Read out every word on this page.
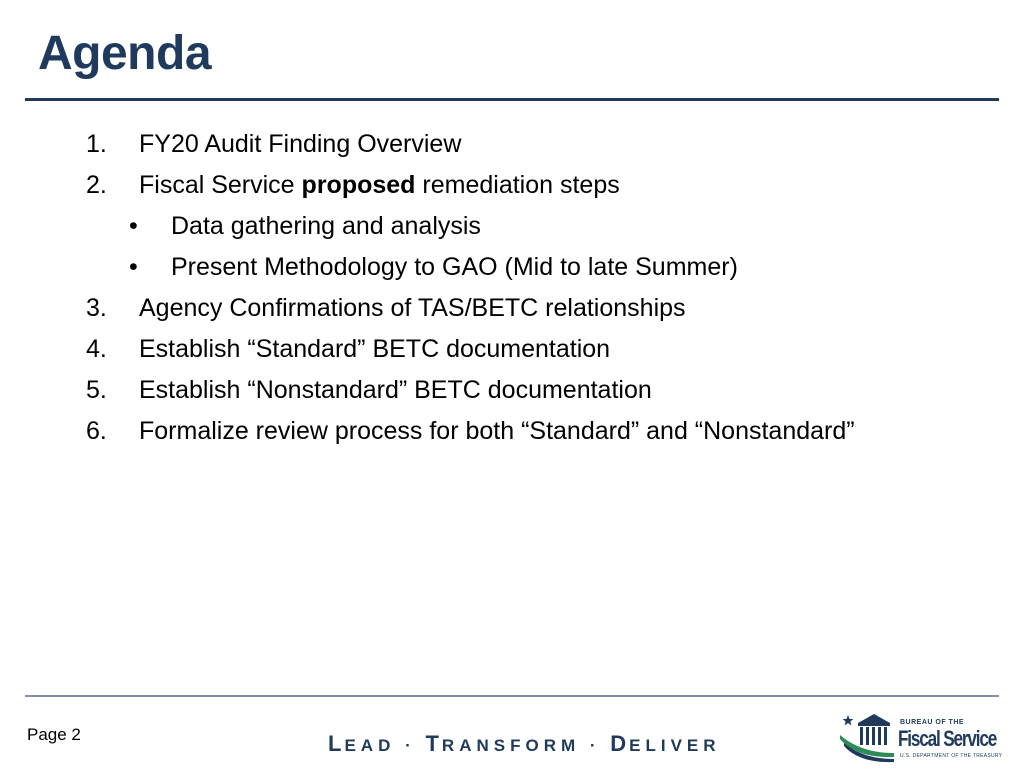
Agenda
1.	FY20 Audit Finding Overview
2.	Fiscal Service proposed remediation steps
• Data gathering and analysis
• Present Methodology to GAO (Mid to late Summer)
3.	Agency Confirmations of TAS/BETC relationships
4.	Establish “Standard” BETC documentation
5.	Establish “Nonstandard” BETC documentation
6.	Formalize review process for both “Standard” and “Nonstandard”
Page 2	LEAD · TRANSFORM · DELIVER
BUREAU OF THE
Fiscal Service
U.S. DEPARTMENT OF THE TREASURY
